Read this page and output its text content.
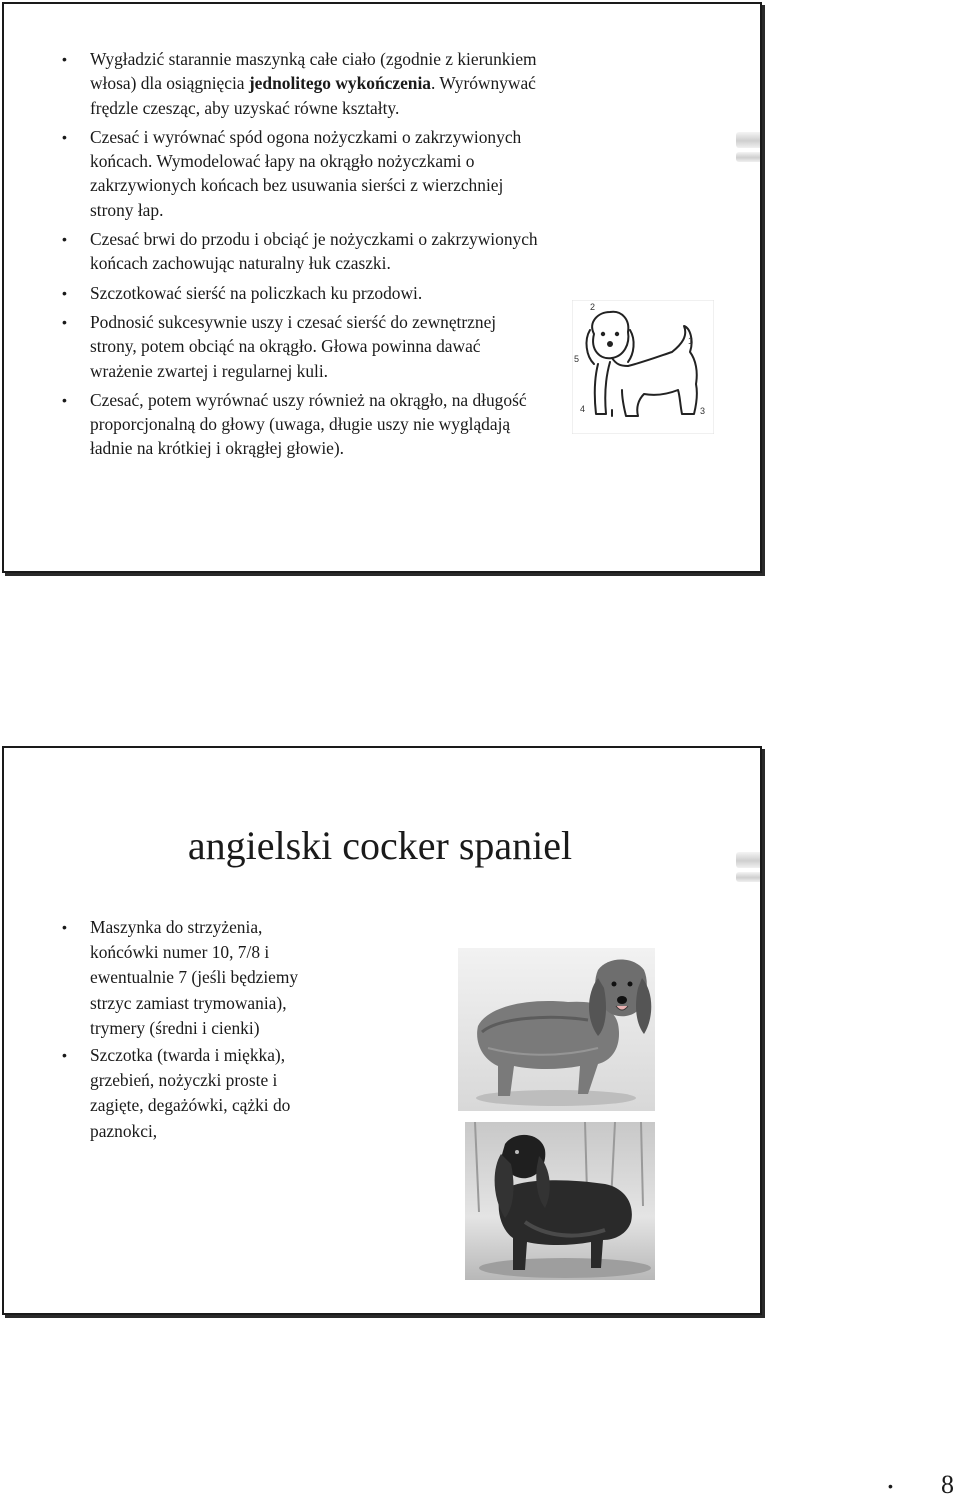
• Wygładzić starannie maszynką całe ciało (zgodnie z kierunkiem włosa) dla osiągnięcia jednolitego wykończenia. Wyrównywać frędzle czesząc, aby uzyskać równe kształty.
• Czesać i wyrównać spód ogona nożyczkami o zakrzywionych końcach. Wymodelować łapy na okrągło nożyczkami o zakrzywionych końcach bez usuwania sierści z wierzchniej strony łap.
• Czesać brwi do przodu i obciąć je nożyczkami o zakrzywionych końcach zachowując naturalny łuk czaszki.
• Szczotkować sierść na policzkach ku przodowi.
• Podnosić sukcesywnie uszy i czesać sierść do zewnętrznej strony, potem obciąć na okrągło. Głowa powinna dawać wrażenie zwartej i regularnej kuli.
• Czesać, potem wyrównać uszy również na okrągło, na długość proporcjonalną do głowy (uwaga, długie uszy nie wyglądają ładnie na krótkiej i okrągłej głowie).
1
2
3
4
5
angielski cocker spaniel
• Maszynka do strzyżenia, końcówki numer 10, 7/8 i ewentualnie 7 (jeśli będziemy strzyc zamiast trymowania), trymery (średni i cienki)
• Szczotka (twarda i miękka), grzebień, nożyczki proste i zagięte, degażówki, cążki do paznokci,
• 8
